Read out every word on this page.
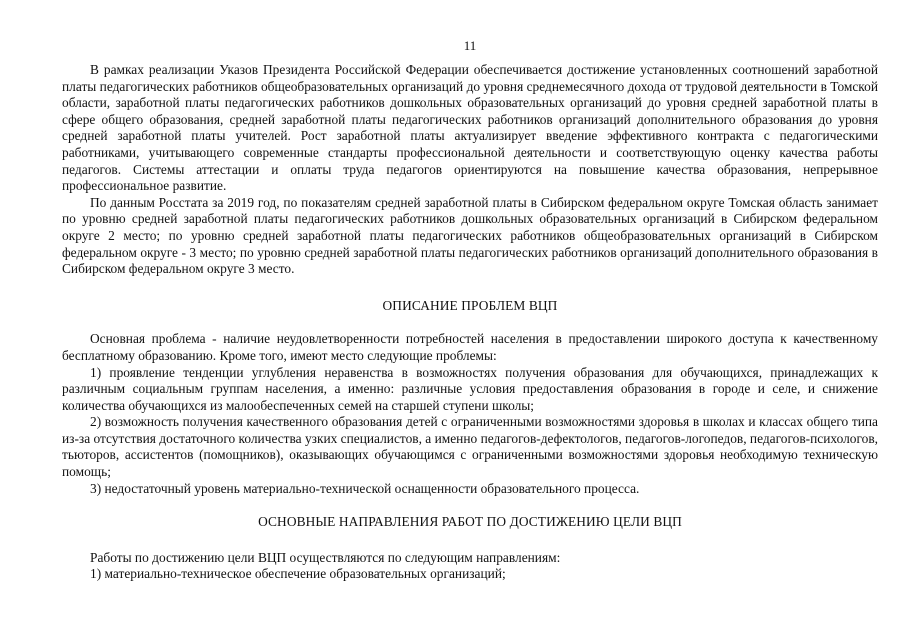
11

В рамках реализации Указов Президента Российской Федерации обеспечивается достижение установленных соотношений заработной платы педагогических работников общеобразовательных организаций до уровня среднемесячного дохода от трудовой деятельности в Томской области, заработной платы педагогических работников дошкольных образовательных организаций до уровня средней заработной платы в сфере общего образования, средней заработной платы педагогических работников организаций дополнительного образования до уровня средней заработной платы учителей. Рост заработной платы актуализирует введение эффективного контракта с педагогическими работниками, учитывающего современные стандарты профессиональной деятельности и соответствующую оценку качества работы педагогов. Системы аттестации и оплаты труда педагогов ориентируются на повышение качества образования, непрерывное профессиональное развитие.

По данным Росстата за 2019 год, по показателям средней заработной платы в Сибирском федеральном округе Томская область занимает по уровню средней заработной платы педагогических работников дошкольных образовательных организаций в Сибирском федеральном округе 2 место; по уровню средней заработной платы педагогических работников общеобразовательных организаций в Сибирском федеральном округе - 3 место; по уровню средней заработной платы педагогических работников организаций дополнительного образования в Сибирском федеральном округе 3 место.

ОПИСАНИЕ ПРОБЛЕМ ВЦП

Основная проблема - наличие неудовлетворенности потребностей населения в предоставлении широкого доступа к качественному бесплатному образованию. Кроме того, имеют место следующие проблемы:

1) проявление тенденции углубления неравенства в возможностях получения образования для обучающихся, принадлежащих к различным социальным группам населения, а именно: различные условия предоставления образования в городе и селе, и снижение количества обучающихся из малообеспеченных семей на старшей ступени школы;

2) возможность получения качественного образования детей с ограниченными возможностями здоровья в школах и классах общего типа из-за отсутствия достаточного количества узких специалистов, а именно педагогов-дефектологов, педагогов-логопедов, педагогов-психологов, тьюторов, ассистентов (помощников), оказывающих обучающимся с ограниченными возможностями здоровья необходимую техническую помощь;

3) недостаточный уровень материально-технической оснащенности образовательного процесса.

ОСНОВНЫЕ НАПРАВЛЕНИЯ РАБОТ ПО ДОСТИЖЕНИЮ ЦЕЛИ ВЦП

Работы по достижению цели ВЦП осуществляются по следующим направлениям:

1) материально-техническое обеспечение образовательных организаций;
